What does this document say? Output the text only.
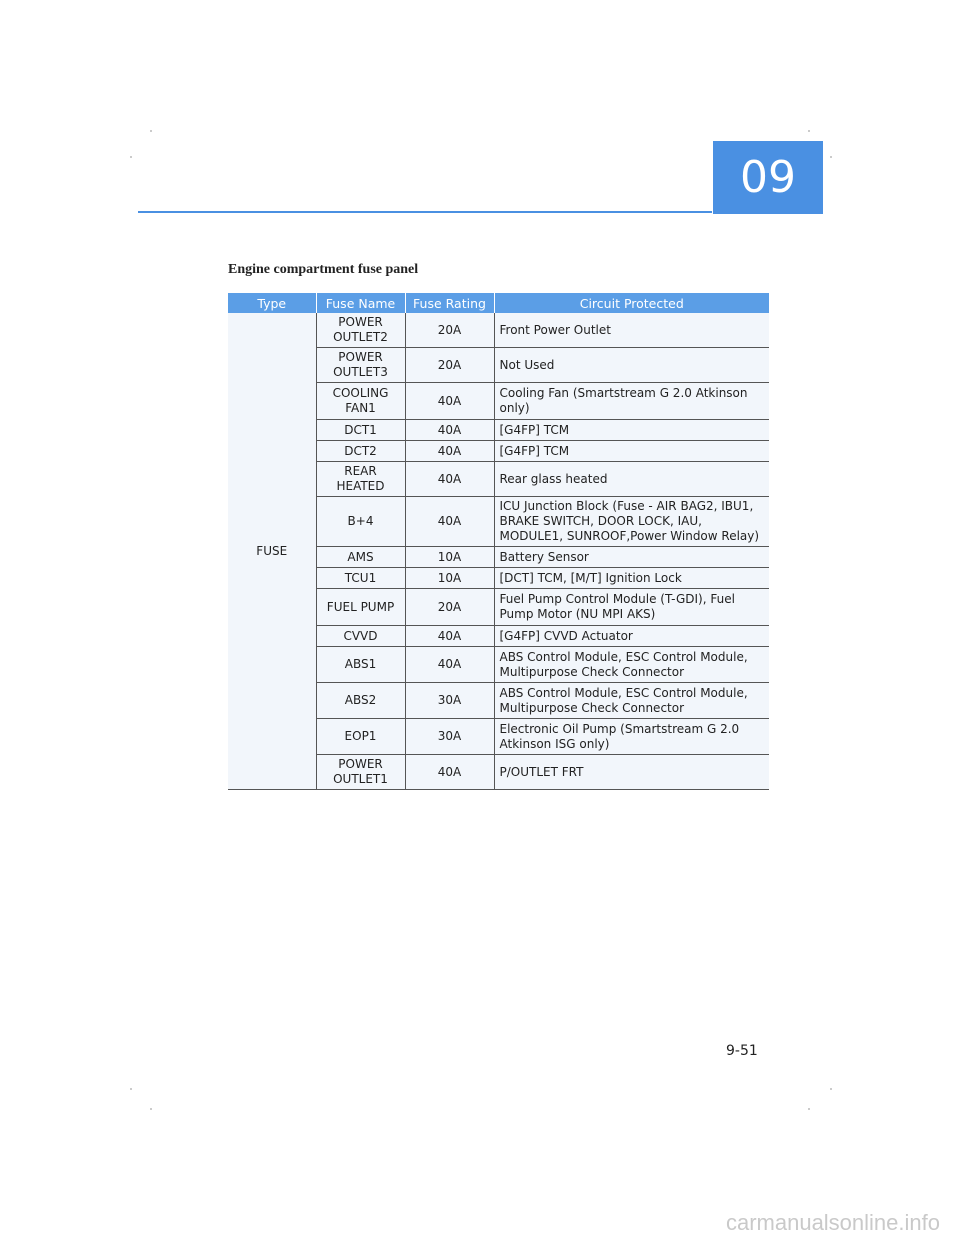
09
Engine compartment fuse panel
Type	Fuse Name	Fuse Rating	Circuit Protected
FUSE	POWER OUTLET2	20A	Front Power Outlet
	POWER OUTLET3	20A	Not Used
	COOLING FAN1	40A	Cooling Fan (Smartstream G 2.0 Atkinson only)
	DCT1	40A	[G4FP] TCM
	DCT2	40A	[G4FP] TCM
	REAR HEATED	40A	Rear glass heated
	B+4	40A	ICU Junction Block (Fuse - AIR BAG2, IBU1, BRAKE SWITCH, DOOR LOCK, IAU, MODULE1, SUNROOF,Power Window Relay)
	AMS	10A	Battery Sensor
	TCU1	10A	[DCT] TCM, [M/T] Ignition Lock
	FUEL PUMP	20A	Fuel Pump Control Module (T-GDI), Fuel Pump Motor (NU MPI AKS)
	CVVD	40A	[G4FP] CVVD Actuator
	ABS1	40A	ABS Control Module, ESC Control Module, Multipurpose Check Connector
	ABS2	30A	ABS Control Module, ESC Control Module, Multipurpose Check Connector
	EOP1	30A	Electronic Oil Pump (Smartstream G 2.0 Atkinson ISG only)
	POWER OUTLET1	40A	P/OUTLET FRT
9-51
carmanualsonline.info
